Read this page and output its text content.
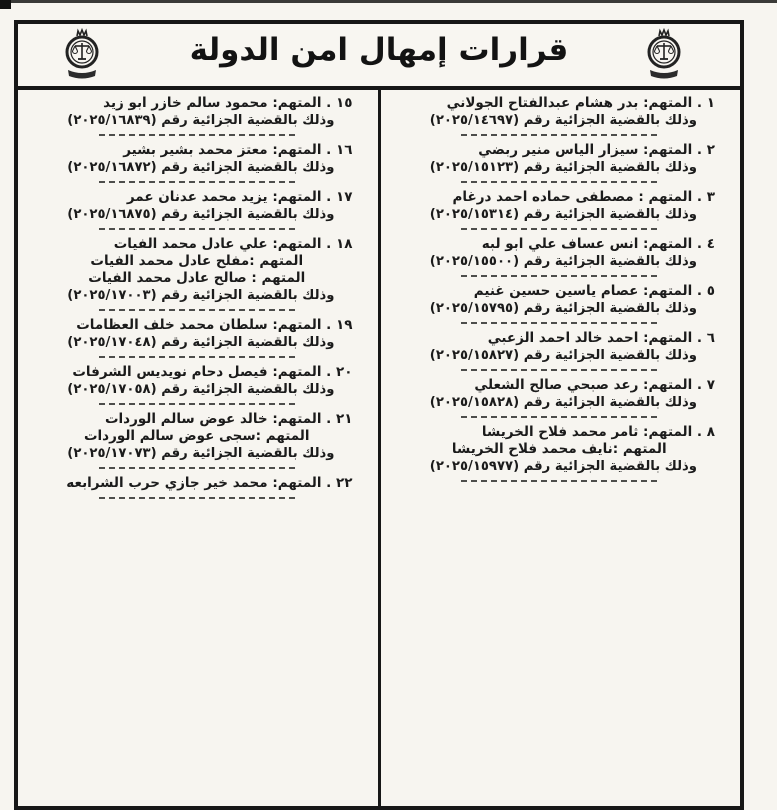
قرارات إمهال امن الدولة
١ . المتهم: بدر هشام عبدالفتاح الجولاني
وذلك بالقضية الجزائية رقم (٢٠٢٥/١٤٦٩٧)
٢ . المتهم: سيزار الياس منير ربضي
وذلك بالقضية الجزائية رقم (٢٠٢٥/١٥١٢٣)
٣ . المتهم : مصطفى حماده احمد درغام
وذلك بالقضية الجزائية رقم (٢٠٢٥/١٥٣١٤)
٤ . المتهم: انس عساف علي ابو لبه
وذلك بالقضية الجزائية رقم (٢٠٢٥/١٥٥٠٠)
٥ . المتهم: عصام ياسين حسين غنيم
وذلك بالقضية الجزائية رقم (٢٠٢٥/١٥٧٩٥)
٦ . المتهم: احمد خالد احمد الزعبي
وذلك بالقضية الجزائية رقم (٢٠٢٥/١٥٨٢٧)
٧ . المتهم: رعد صبحي صالح الشعلي
وذلك بالقضية الجزائية رقم (٢٠٢٥/١٥٨٢٨)
٨ . المتهم: ثامر محمد فلاح الخريشا
المتهم :نايف محمد فلاح الخريشا
وذلك بالقضية الجزائية رقم (٢٠٢٥/١٥٩٧٧)
١٥ . المتهم: محمود سالم خازر ابو زيد
وذلك بالقضية الجزائية رقم (٢٠٢٥/١٦٨٣٩)
١٦ . المتهم: معتز محمد بشير بشير
وذلك بالقضية الجزائية رقم (٢٠٢٥/١٦٨٧٢)
١٧ . المتهم: يزيد محمد عدنان عمر
وذلك بالقضية الجزائية رقم (٢٠٢٥/١٦٨٧٥)
١٨ . المتهم: علي عادل محمد الفيات
المتهم :مفلح عادل محمد الفيات
المتهم : صالح عادل محمد الفيات
وذلك بالقضية الجزائية رقم (٢٠٢٥/١٧٠٠٣)
١٩ . المتهم: سلطان محمد خلف العظامات
وذلك بالقضية الجزائية رقم (٢٠٢٥/١٧٠٤٨)
٢٠ . المتهم: فيصل دحام نويديس الشرفات
وذلك بالقضية الجزائية رقم (٢٠٢٥/١٧٠٥٨)
٢١ . المتهم: خالد عوض سالم الوردات
المتهم :سجى عوض سالم الوردات
وذلك بالقضية الجزائية رقم (٢٠٢٥/١٧٠٧٣)
٢٢ . المتهم: محمد خير جازي حرب الشرابعه
